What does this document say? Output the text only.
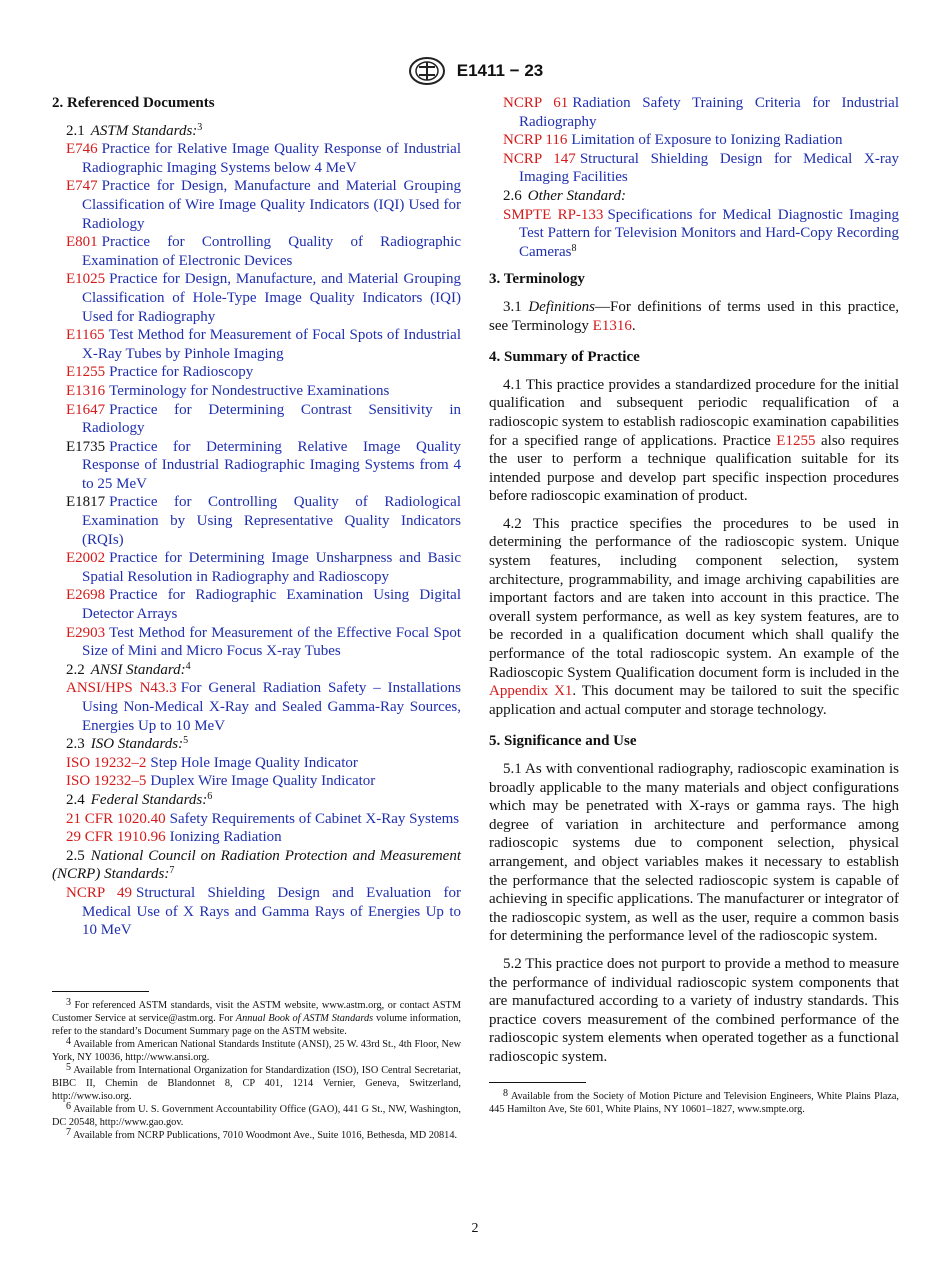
E1411 − 23

2. Referenced Documents

2.1 ASTM Standards:$^3$

E746 Practice for Relative Image Quality Response of Industrial Radiographic Imaging Systems below 4 MeV

E747 Practice for Design, Manufacture and Material Grouping Classification of Wire Image Quality Indicators (IQI) Used for Radiology

E801 Practice for Controlling Quality of Radiographic Examination of Electronic Devices

E1025 Practice for Design, Manufacture, and Material Grouping Classification of Hole-Type Image Quality Indicators (IQI) Used for Radiography

E1165 Test Method for Measurement of Focal Spots of Industrial X-Ray Tubes by Pinhole Imaging

E1255 Practice for Radioscopy

E1316 Terminology for Nondestructive Examinations

E1647 Practice for Determining Contrast Sensitivity in Radiology

E1735 Practice for Determining Relative Image Quality Response of Industrial Radiographic Imaging Systems from 4 to 25 MeV

E1817 Practice for Controlling Quality of Radiological Examination by Using Representative Quality Indicators (RQIs)

E2002 Practice for Determining Image Unsharpness and Basic Spatial Resolution in Radiography and Radioscopy

E2698 Practice for Radiographic Examination Using Digital Detector Arrays

E2903 Test Method for Measurement of the Effective Focal Spot Size of Mini and Micro Focus X-ray Tubes

2.2 ANSI Standard:$^4$

ANSI/HPS N43.3 For General Radiation Safety – Installations Using Non-Medical X-Ray and Sealed Gamma-Ray Sources, Energies Up to 10 MeV

2.3 ISO Standards:$^5$

ISO 19232–2 Step Hole Image Quality Indicator

ISO 19232–5 Duplex Wire Image Quality Indicator

2.4 Federal Standards:$^6$

21 CFR 1020.40 Safety Requirements of Cabinet X-Ray Systems

29 CFR 1910.96 Ionizing Radiation

2.5 National Council on Radiation Protection and Measurement (NCRP) Standards:$^7$

NCRP 49 Structural Shielding Design and Evaluation for Medical Use of X Rays and Gamma Rays of Energies Up to 10 MeV

3 For referenced ASTM standards, visit the ASTM website, www.astm.org, or contact ASTM Customer Service at service@astm.org. For Annual Book of ASTM Standards volume information, refer to the standard’s Document Summary page on the ASTM website.

4 Available from American National Standards Institute (ANSI), 25 W. 43rd St., 4th Floor, New York, NY 10036, http://www.ansi.org.

5 Available from International Organization for Standardization (ISO), ISO Central Secretariat, BIBC II, Chemin de Blandonnet 8, CP 401, 1214 Vernier, Geneva, Switzerland, http://www.iso.org.

6 Available from U. S. Government Accountability Office (GAO), 441 G St., NW, Washington, DC 20548, http://www.gao.gov.

7 Available from NCRP Publications, 7010 Woodmont Ave., Suite 1016, Bethesda, MD 20814.

NCRP 61 Radiation Safety Training Criteria for Industrial Radiography

NCRP 116 Limitation of Exposure to Ionizing Radiation

NCRP 147 Structural Shielding Design for Medical X-ray Imaging Facilities

2.6 Other Standard:

SMPTE RP-133 Specifications for Medical Diagnostic Imaging Test Pattern for Television Monitors and Hard-Copy Recording Cameras$^8$

3. Terminology

3.1 Definitions—For definitions of terms used in this practice, see Terminology E1316.

4. Summary of Practice

4.1 This practice provides a standardized procedure for the initial qualification and subsequent periodic requalification of a radioscopic system to establish radioscopic examination capabilities for a specified range of applications. Practice E1255 also requires the user to perform a technique qualification suitable for its intended purpose and develop part specific inspection procedures before radioscopic examination of product.

4.2 This practice specifies the procedures to be used in determining the performance of the radioscopic system. Unique system features, including component selection, system architecture, programmability, and image archiving capabilities are important factors and are taken into account in this practice. The overall system performance, as well as key system features, are to be recorded in a qualification document which shall qualify the performance of the total radioscopic system. An example of the Radioscopic System Qualification document form is included in the Appendix X1. This document may be tailored to suit the specific application and actual computer and storage technology.

5. Significance and Use

5.1 As with conventional radiography, radioscopic examination is broadly applicable to the many materials and object configurations which may be penetrated with X-rays or gamma rays. The high degree of variation in architecture and performance among radioscopic systems due to component selection, physical arrangement, and object variables makes it necessary to establish the performance that the selected radioscopic system is capable of achieving in specific applications. The manufacturer or integrator of the radioscopic system, as well as the user, require a common basis for determining the performance level of the radioscopic system.

5.2 This practice does not purport to provide a method to measure the performance of individual radioscopic system components that are manufactured according to a variety of industry standards. This practice covers measurement of the combined performance of the radioscopic system elements when operated together as a functional radioscopic system.

8 Available from the Society of Motion Picture and Television Engineers, White Plains Plaza, 445 Hamilton Ave, Ste 601, White Plains, NY 10601–1827, www.smpte.org.

2
